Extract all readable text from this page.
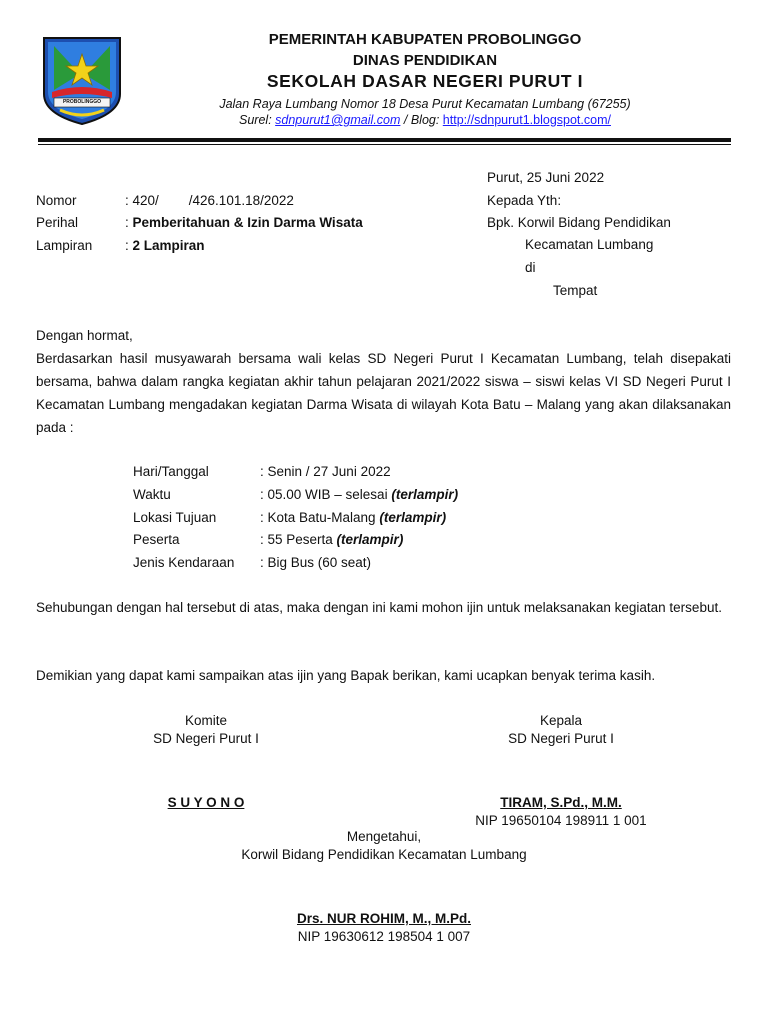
PROBOLINGGO
PEMERINTAH KABUPATEN PROBOLINGGO
DINAS PENDIDIKAN
SEKOLAH DASAR NEGERI PURUT I
Jalan Raya Lumbang Nomor 18 Desa Purut Kecamatan Lumbang (67255)
Surel: sdnpurut1@gmail.com / Blog: http://sdnpurut1.blogspot.com/
Purut, 25 Juni 2022
Kepada Yth:
Bpk. Korwil Bidang Pendidikan
Kecamatan Lumbang
di
Tempat
Nomor	: 420/        /426.101.18/2022
Perihal	: Pemberitahuan & Izin Darma Wisata
Lampiran : 2 Lampiran
Dengan hormat,
Berdasarkan hasil musyawarah bersama wali kelas SD Negeri Purut I Kecamatan Lumbang, telah disepakati bersama, bahwa dalam rangka kegiatan akhir tahun pelajaran 2021/2022 siswa – siswi kelas VI SD Negeri Purut I Kecamatan Lumbang mengadakan kegiatan Darma Wisata di wilayah Kota Batu – Malang yang akan dilaksanakan pada :
Hari/Tanggal	: Senin / 27 Juni 2022
Waktu	: 05.00 WIB – selesai (terlampir)
Lokasi Tujuan	: Kota Batu-Malang (terlampir)
Peserta	: 55 Peserta (terlampir)
Jenis Kendaraan : Big Bus (60 seat)
Sehubungan dengan hal tersebut di atas, maka dengan ini kami mohon ijin untuk melaksanakan kegiatan tersebut.
Demikian yang dapat kami sampaikan atas ijin yang Bapak berikan, kami ucapkan benyak terima kasih.
Komite
SD Negeri Purut I
S U Y O N O
Kepala
SD Negeri Purut I
TIRAM, S.Pd., M.M.
NIP 19650104 198911 1 001
Mengetahui,
Korwil Bidang Pendidikan Kecamatan Lumbang
Drs. NUR ROHIM, M., M.Pd.
NIP 19630612 198504 1 007
